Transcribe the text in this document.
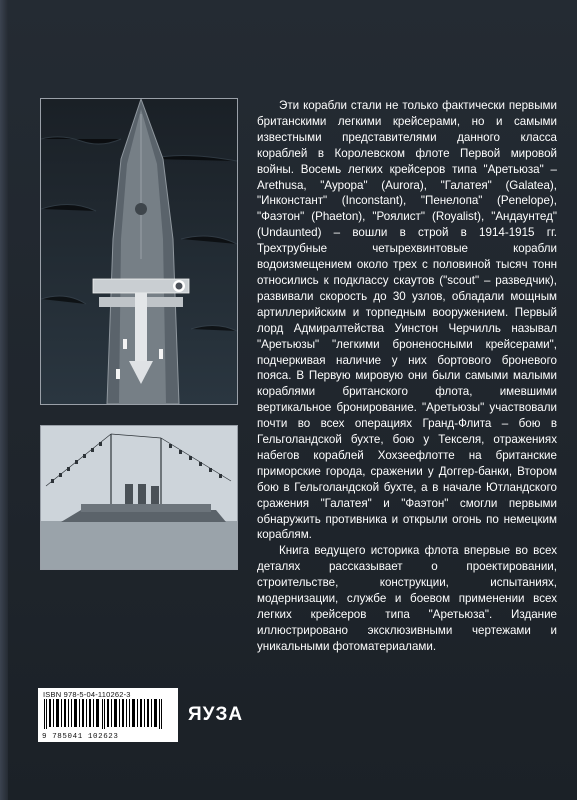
Эти корабли стали не только фактически первыми британскими легкими крейсерами, но и самыми известными представителями данного класса кораблей в Королевском флоте Первой мировой войны. Восемь легких крейсеров типа "Аретьюза" – Arethusa, "Аурора" (Aurora), "Галатея" (Galatea), "Инконстант" (Inconstant), "Пенелопа" (Penelope), "Фаэтон" (Phaeton), "Роялист" (Royalist), "Андаунтед" (Undaunted) – вошли в строй в 1914-1915 гг. Трехтрубные четырехвинтовые корабли водоизмещением около трех с половиной тысяч тонн относились к подклассу скаутов ("scout" – разведчик), развивали скорость до 30 узлов, обладали мощным артиллерийским и торпедным вооружением. Первый лорд Адмиралтейства Уинстон Черчилль называл "Аретьюзы" "легкими броненосными крейсерами", подчеркивая наличие у них бортового броневого пояса. В Первую мировую они были самыми малыми кораблями британского флота, имевшими вертикальное бронирование. "Аретьюзы" участвовали почти во всех операциях Гранд-Флита – бою в Гельголандской бухте, бою у Текселя, отражениях набегов кораблей Хохзеефлотте на британские приморские города, сражении у Доггер-банки, Втором бою в Гельголандской бухте, а в начале Ютландского сражения "Галатея" и "Фаэтон" смогли первыми обнаружить противника и открыли огонь по немецким кораблям.

Книга ведущего историка флота впервые во всех деталях рассказывает о проектировании, строительстве, конструкции, испытаниях, модернизации, службе и боевом применении всех легких крейсеров типа "Аретьюза". Издание иллюстрировано эксклюзивными чертежами и уникальными фотоматериалами.

ISBN 978-5-04-110262-3
9 785041 102623
ЯУЗА
